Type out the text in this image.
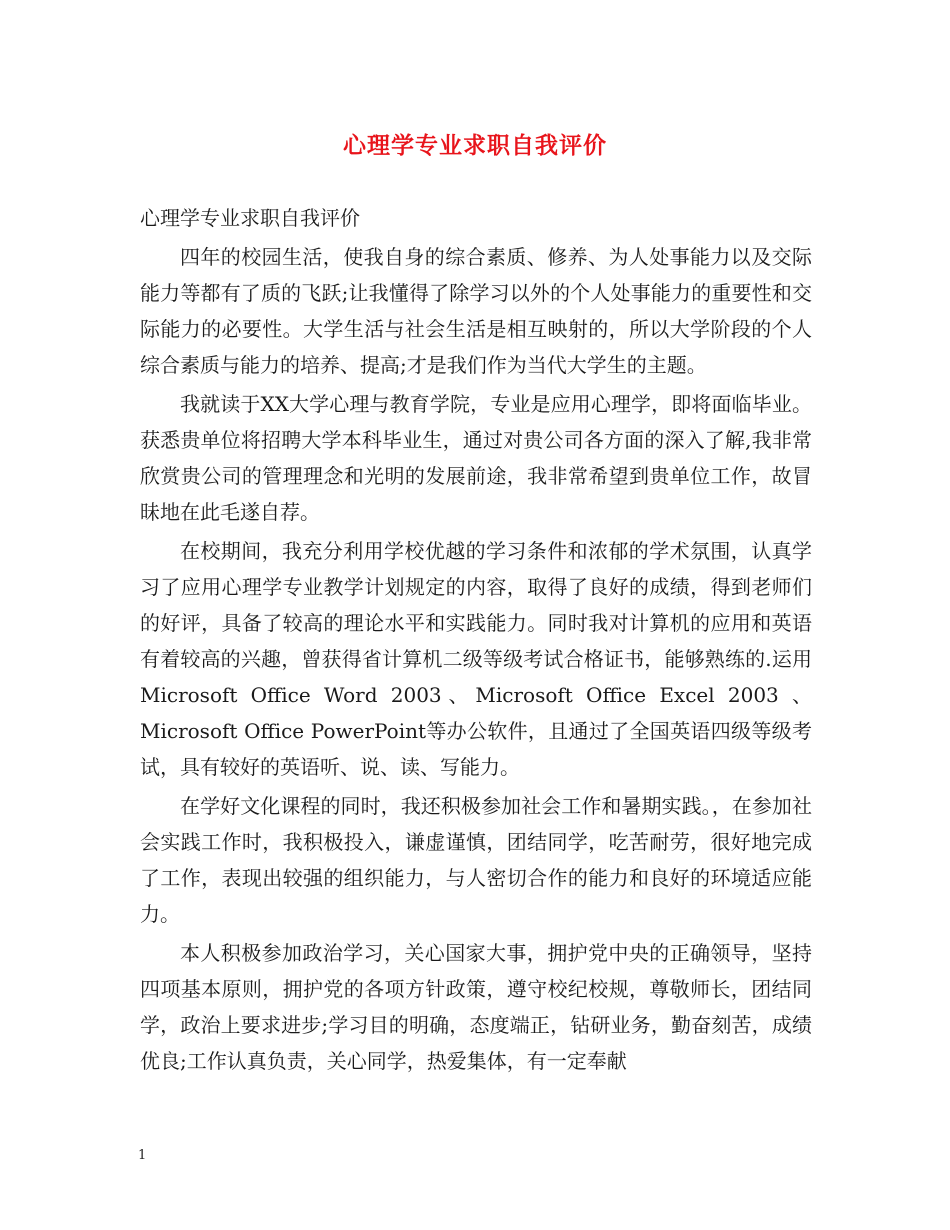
心理学专业求职自我评价

心理学专业求职自我评价

四年的校园生活，使我自身的综合素质、修养、为人处事能力以及交际能力等都有了质的飞跃;让我懂得了除学习以外的个人处事能力的重要性和交际能力的必要性。大学生活与社会生活是相互映射的，所以大学阶段的个人综合素质与能力的培养、提高;才是我们作为当代大学生的主题。

我就读于XX大学心理与教育学院，专业是应用心理学，即将面临毕业。获悉贵单位将招聘大学本科毕业生，通过对贵公司各方面的深入了解,我非常欣赏贵公司的管理理念和光明的发展前途，我非常希望到贵单位工作，故冒昧地在此毛遂自荐。

在校期间，我充分利用学校优越的学习条件和浓郁的学术氛围，认真学习了应用心理学专业教学计划规定的内容，取得了良好的成绩，得到老师们的好评，具备了较高的理论水平和实践能力。同时我对计算机的应用和英语有着较高的兴趣，曾获得省计算机二级等级考试合格证书，能够熟练的.运用Microsoft Office Word 2003、Microsoft Office Excel 2003 、Microsoft Office PowerPoint等办公软件，且通过了全国英语四级等级考试，具有较好的英语听、说、读、写能力。

在学好文化课程的同时，我还积极参加社会工作和暑期实践。，在参加社会实践工作时，我积极投入，谦虚谨慎，团结同学，吃苦耐劳，很好地完成了工作，表现出较强的组织能力，与人密切合作的能力和良好的环境适应能力。

本人积极参加政治学习，关心国家大事，拥护党中央的正确领导，坚持四项基本原则，拥护党的各项方针政策，遵守校纪校规，尊敬师长，团结同学，政治上要求进步;学习目的明确，态度端正，钻研业务，勤奋刻苦，成绩优良;工作认真负责，关心同学，热爱集体，有一定奉献

1
